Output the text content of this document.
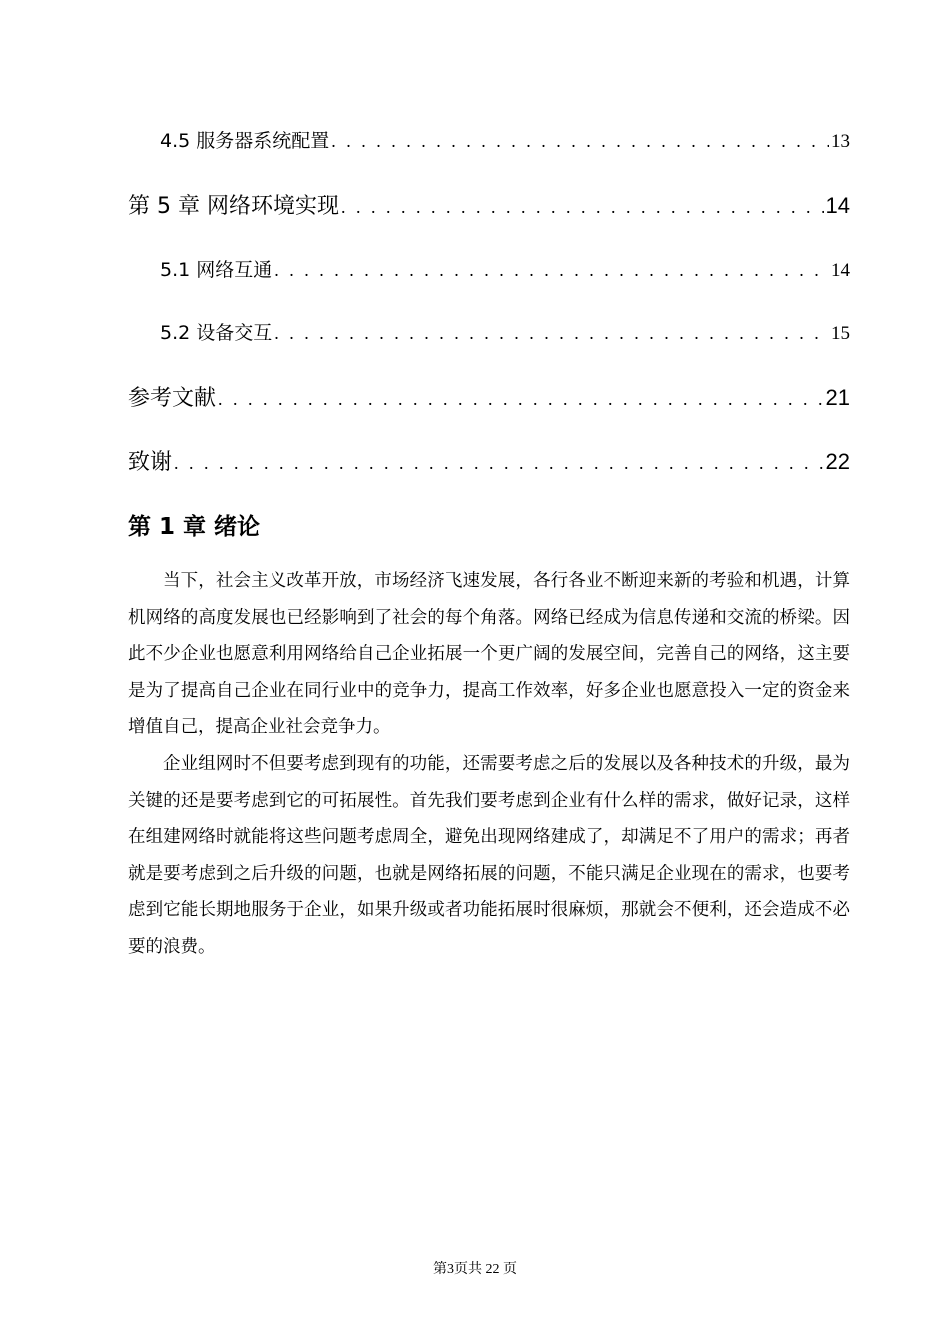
4.5 服务器系统配置 . . .	13
第 5 章 网络环境实现 . . .	14
5.1 网络互通 . . .	14
5.2 设备交互 . . .	15
参考文献 . . .	21
致谢 . . .	22
第 1 章 绪论

当下，社会主义改革开放，市场经济飞速发展，各行各业不断迎来新的考验和机遇，计算机网络的高度发展也已经影响到了社会的每个角落。网络已经成为信息传递和交流的桥梁。因此不少企业也愿意利用网络给自己企业拓展一个更广阔的发展空间，完善自己的网络，这主要是为了提高自己企业在同行业中的竞争力，提高工作效率，好多企业也愿意投入一定的资金来增值自己，提高企业社会竞争力。

企业组网时不但要考虑到现有的功能，还需要考虑之后的发展以及各种技术的升级，最为关键的还是要考虑到它的可拓展性。首先我们要考虑到企业有什么样的需求，做好记录，这样在组建网络时就能将这些问题考虑周全，避免出现网络建成了，却满足不了用户的需求；再者就是要考虑到之后升级的问题，也就是网络拓展的问题，不能只满足企业现在的需求，也要考虑到它能长期地服务于企业，如果升级或者功能拓展时很麻烦，那就会不便利，还会造成不必要的浪费。

第3页共 22 页
